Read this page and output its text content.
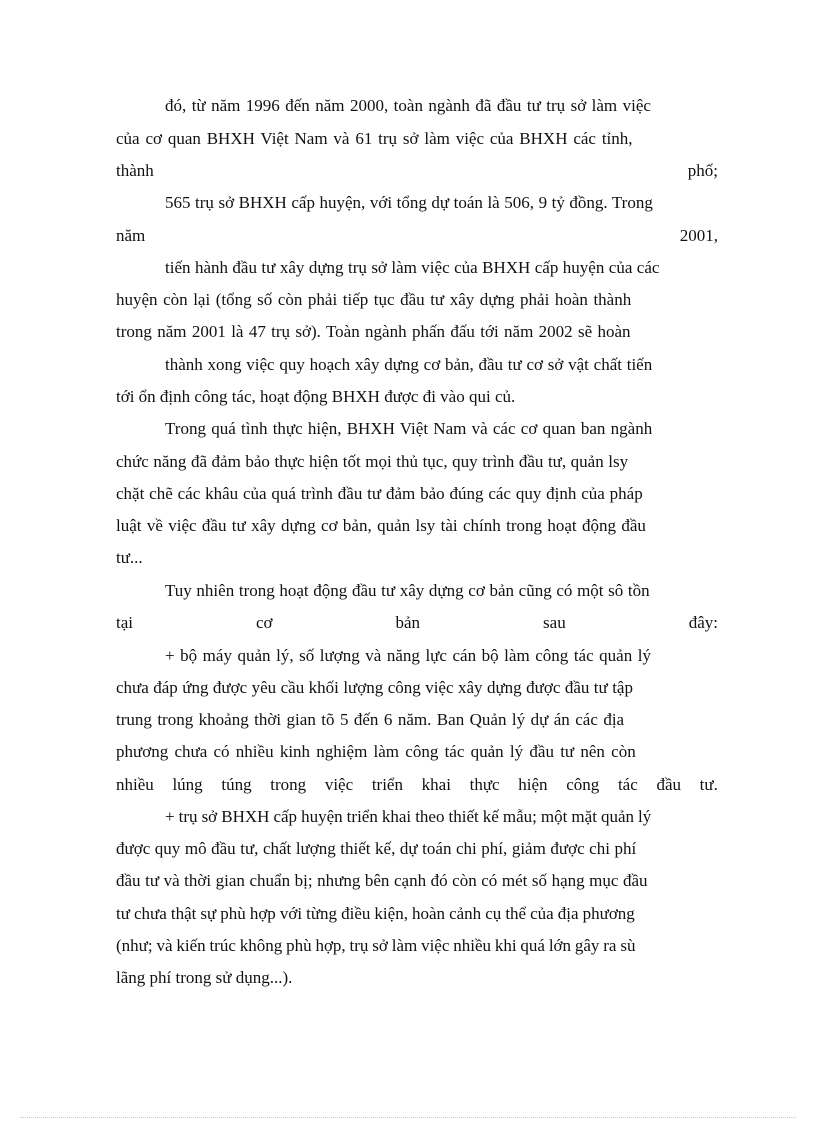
đó, từ năm 1996 đến năm 2000, toàn ngành đã đầu tư trụ sở làm việc
của cơ quan BHXH Việt Nam và 61 trụ sở làm việc của BHXH các tỉnh,
thành	phố;
565 trụ sở BHXH cấp huyện, với tổng dự toán là 506, 9 tỷ đồng. Trong
năm	2001,
tiến hành đầu tư xây dựng trụ sở làm việc của BHXH cấp huyện của các
huyện còn lại (tổng số còn phải tiếp tục đầu tư xây dựng phải hoàn thành
trong năm 2001 là 47 trụ sở). Toàn ngành phấn đấu tới năm 2002 sẽ hoàn
thành xong việc quy hoạch xây dựng cơ bản, đầu tư cơ sở vật chất tiến
tới ổn định công tác, hoạt động BHXH được đi vào qui củ.
Trong quá tình thực hiện, BHXH Việt Nam và các cơ quan ban ngành
chức năng đã đảm bảo thực hiện tốt mọi thủ tục, quy trình đầu tư, quản lsy
chặt chẽ các khâu của quá trình đầu tư đảm bảo đúng các quy định của pháp
luật về việc đầu tư xây dựng cơ bản, quản lsy tài chính trong hoạt động đầu
tư...
Tuy nhiên trong hoạt động đầu tư xây dựng cơ bản cũng có một sô tồn
tại	cơ	bản	sau	đây:
+ bộ máy quản lý, số lượng và năng lực cán bộ làm công tác quản lý
chưa đáp ứng được yêu cầu khối lượng công việc xây dựng được đầu tư tập
trung trong khoảng thời gian tõ 5 đến 6 năm. Ban Quản lý dự án các địa
phương chưa có nhiều kinh nghiệm làm công tác quản lý đầu tư nên còn
nhiều lúng túng trong việc triển khai thực hiện công tác đầu tư.
+ trụ sở BHXH cấp huyện triển khai theo thiết kế mẫu; một mặt quản lý
được quy mô đầu tư, chất lượng thiết kế, dự toán chi phí, giảm được chi phí
đầu tư và thời gian chuẩn bị; nhưng bên cạnh đó còn có mét số hạng mục đầu
tư chưa thật sự phù hợp với từng điều kiện, hoàn cảnh cụ thể của địa phương
(như; và kiến trúc không phù hợp, trụ sở làm việc nhiều khi quá lớn gây ra sù
lãng phí trong sử dụng...).
